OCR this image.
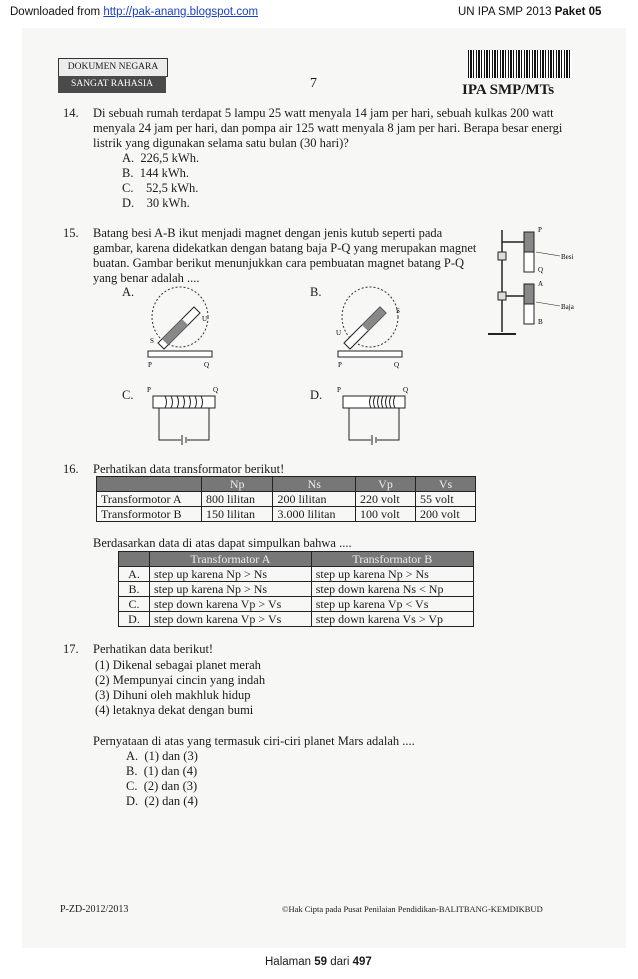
Downloaded from http://pak-anang.blogspot.com	UN IPA SMP 2013 Paket 05
DOKUMEN NEGARA
SANGAT RAHASIA	7	IPA SMP/MTs
14. Di sebuah rumah terdapat 5 lampu 25 watt menyala 14 jam per hari, sebuah kulkas 200 watt menyala 24 jam per hari, dan pompa air 125 watt menyala 8 jam per hari. Berapa besar energi listrik yang digunakan selama satu bulan (30 hari)?
A. 226,5 kWh.
B. 144 kWh.
C. 52,5 kWh.
D. 30 kWh.
15. Batang besi A-B ikut menjadi magnet dengan jenis kutub seperti pada gambar, karena didekatkan dengan batang baja P-Q yang merupakan magnet buatan. Gambar berikut menunjukkan cara pembuatan magnet batang P-Q yang benar adalah ....
P
Q
A
B
Besi
Baja
A.	B.
S
U
P	Q
S
U
P	Q
C.	D.
P	Q	P	Q
16. Perhatikan data transformator berikut!
	Np	Ns	Vp	Vs
Transformotor A	800 lilitan	200 lilitan	220 volt	55 volt
Transformotor B	150 lilitan	3.000 lilitan	100 volt	200 volt
Berdasarkan data di atas dapat simpulkan bahwa ....
	Transformator A	Transformator B
A.	step up karena Np > Ns	step up karena Np > Ns
B.	step up karena Np > Ns	step down karena Ns < Np
C.	step down karena Vp > Vs	step up karena Vp < Vs
D.	step down karena Vp > Vs	step down karena Vs > Vp
17. Perhatikan data berikut!
(1) Dikenal sebagai planet merah
(2) Mempunyai cincin yang indah
(3) Dihuni oleh makhluk hidup
(4) letaknya dekat dengan bumi
Pernyataan di atas yang termasuk ciri-ciri planet Mars adalah ....
A. (1) dan (3)
B. (1) dan (4)
C. (2) dan (3)
D. (2) dan (4)
P-ZD-2012/2013	©Hak Cipta pada Pusat Penilaian Pendidikan-BALITBANG-KEMDIKBUD
Halaman 59 dari 497
